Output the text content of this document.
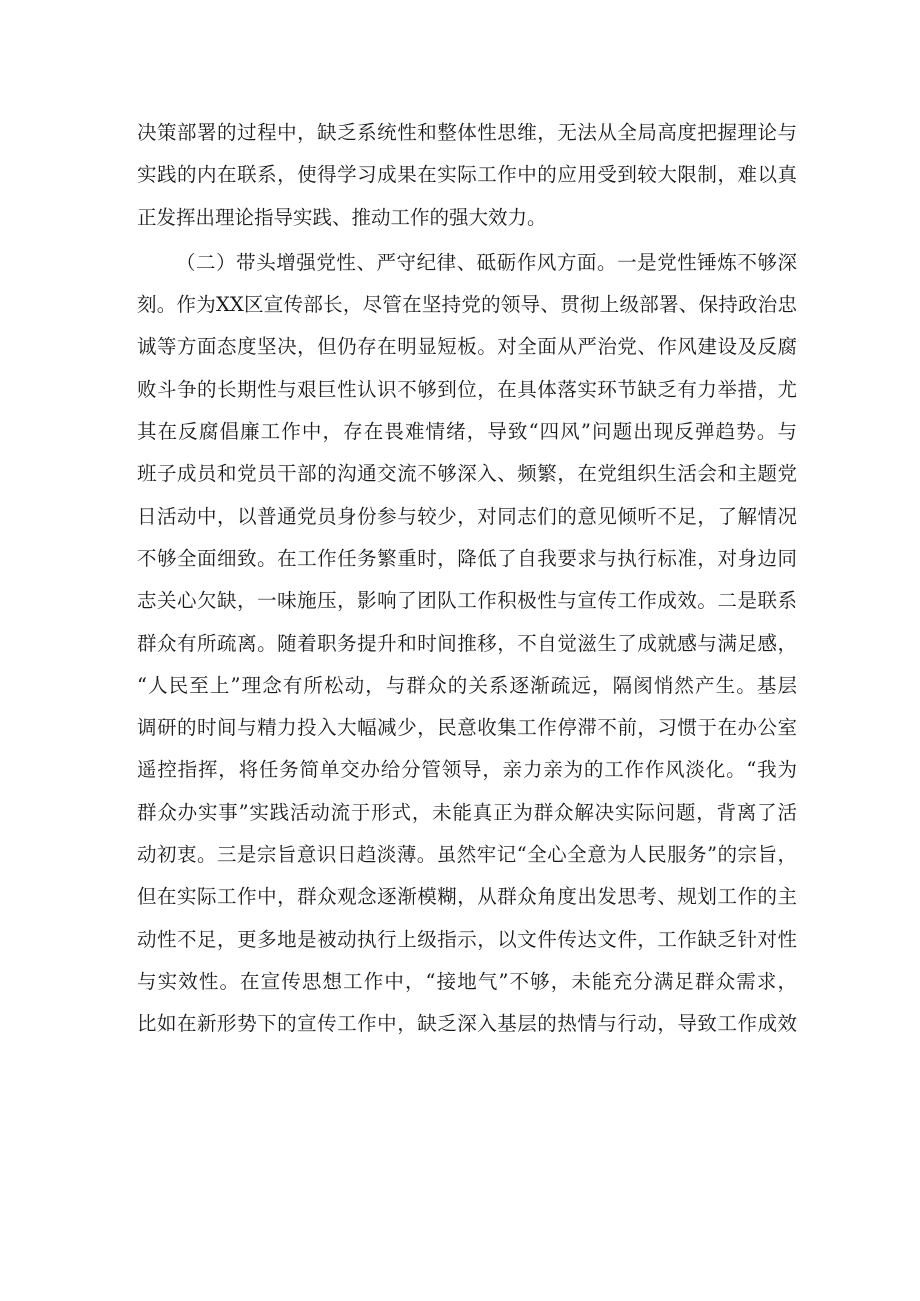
决策部署的过程中，缺乏系统性和整体性思维，无法从全局高度把握理论与
实践的内在联系，使得学习成果在实际工作中的应用受到较大限制，难以真
正发挥出理论指导实践、推动工作的强大效力。
（二）带头增强党性、严守纪律、砥砺作风方面。一是党性锤炼不够深
刻。作为XX区宣传部长，尽管在坚持党的领导、贯彻上级部署、保持政治忠
诚等方面态度坚决，但仍存在明显短板。对全面从严治党、作风建设及反腐
败斗争的长期性与艰巨性认识不够到位，在具体落实环节缺乏有力举措，尤
其在反腐倡廉工作中，存在畏难情绪，导致“四风”问题出现反弹趋势。与
班子成员和党员干部的沟通交流不够深入、频繁，在党组织生活会和主题党
日活动中，以普通党员身份参与较少，对同志们的意见倾听不足，了解情况
不够全面细致。在工作任务繁重时，降低了自我要求与执行标准，对身边同
志关心欠缺，一味施压，影响了团队工作积极性与宣传工作成效。二是联系
群众有所疏离。随着职务提升和时间推移，不自觉滋生了成就感与满足感，
“人民至上”理念有所松动，与群众的关系逐渐疏远，隔阂悄然产生。基层
调研的时间与精力投入大幅减少，民意收集工作停滞不前，习惯于在办公室
遥控指挥，将任务简单交办给分管领导，亲力亲为的工作作风淡化。“我为
群众办实事”实践活动流于形式，未能真正为群众解决实际问题，背离了活
动初衷。三是宗旨意识日趋淡薄。虽然牢记“全心全意为人民服务”的宗旨，
但在实际工作中，群众观念逐渐模糊，从群众角度出发思考、规划工作的主
动性不足，更多地是被动执行上级指示，以文件传达文件，工作缺乏针对性
与实效性。在宣传思想工作中，“接地气”不够，未能充分满足群众需求，
比如在新形势下的宣传工作中，缺乏深入基层的热情与行动，导致工作成效
